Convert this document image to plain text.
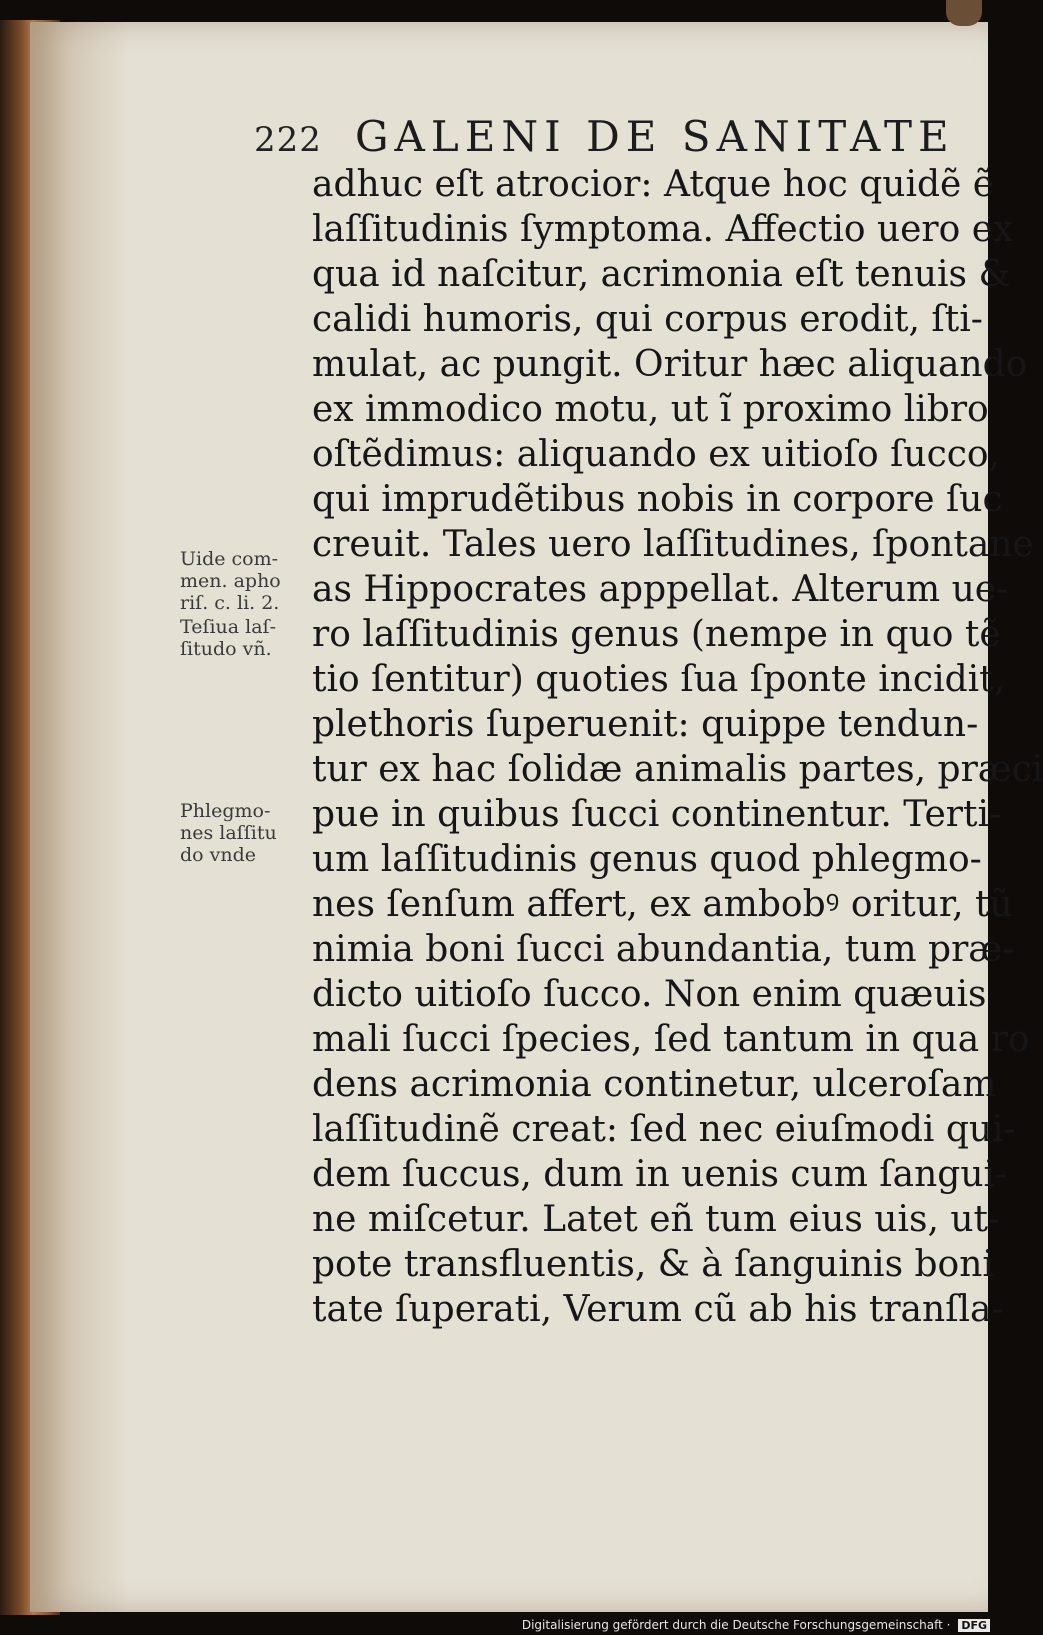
222 GALENI DE SANITATE
adhuc eſt atrocior: Atque hoc quidẽ ẽ
laſſitudinis ſymptoma. Affectio uero ex
qua id naſcitur, acrimonia eſt tenuis &
calidi humoris, qui corpus erodit, ſti-
mulat, ac pungit. Oritur hæc aliquando
ex immodico motu, ut ĩ proximo libro
oſtẽdimus: aliquando ex uitioſo ſucco,
qui imprudẽtibus nobis in corpore ſuc
creuit. Tales uero laſſitudines, ſpontane
as Hippocrates apppellat. Alterum ue-
ro laſſitudinis genus (nempe in quo tẽ
tio ſentitur) quoties ſua ſponte incidit,
plethoris ſuperuenit: quippe tendun-
tur ex hac ſolidæ animalis partes, præci
pue in quibus ſucci continentur. Terti-
um laſſitudinis genus quod phlegmo-
nes ſenſum affert, ex ambobꝰ oritur, tũ
nimia boni ſucci abundantia, tum præ-
dicto uitioſo ſucco. Non enim quæuis
mali ſucci ſpecies, ſed tantum in qua ro
dens acrimonia continetur, ulceroſam
laſſitudinẽ creat: ſed nec eiuſmodi qui-
dem ſuccus, dum in uenis cum ſangui-
ne miſcetur. Latet eñ tum eius uis, ut-
pote transfluentis, & à ſanguinis boni
tate ſuperati, Verum cũ ab his tranſla-
Uide com-
men. apho
riſ. c. li. 2.
Teſiua laſ-
ſitudo vñ.
Phlegmo-
nes laſſitu
do vnde
Digitalisierung gefördert durch die Deutsche Forschungsgemeinschaft · DFG
